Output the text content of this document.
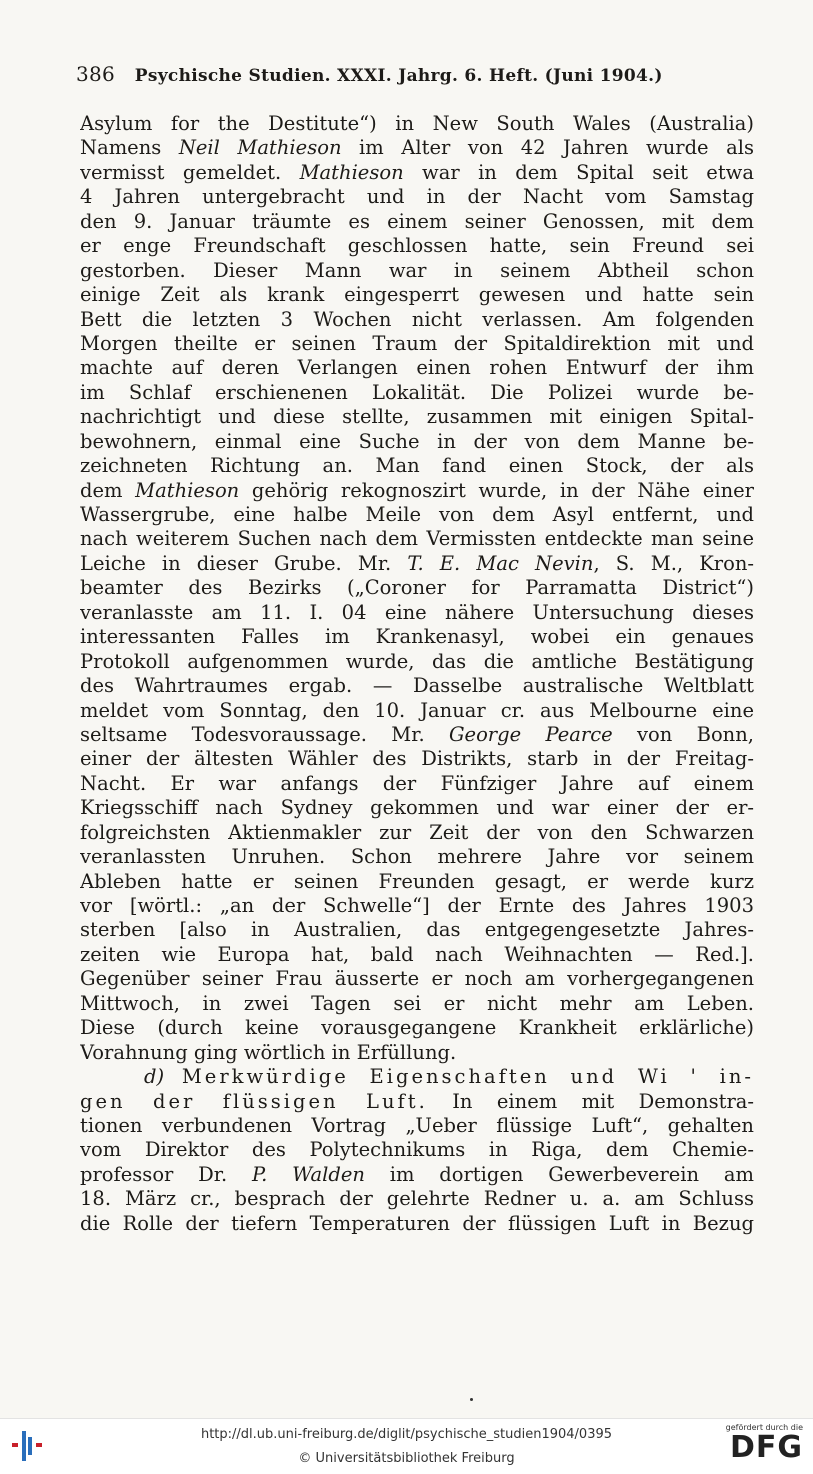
386 Psychische Studien. XXXI. Jahrg. 6. Heft. (Juni 1904.)
Asylum for the Destitute“) in New South Wales (Australia)
Namens Neil Mathieson im Alter von 42 Jahren wurde als
vermisst gemeldet. Mathieson war in dem Spital seit etwa
4 Jahren untergebracht und in der Nacht vom Samstag
den 9. Januar träumte es einem seiner Genossen, mit dem
er enge Freundschaft geschlossen hatte, sein Freund sei
gestorben. Dieser Mann war in seinem Abtheil schon
einige Zeit als krank eingesperrt gewesen und hatte sein
Bett die letzten 3 Wochen nicht verlassen. Am folgenden
Morgen theilte er seinen Traum der Spitaldirektion mit und
machte auf deren Verlangen einen rohen Entwurf der ihm
im Schlaf erschienenen Lokalität. Die Polizei wurde be-
nachrichtigt und diese stellte, zusammen mit einigen Spital-
bewohnern, einmal eine Suche in der von dem Manne be-
zeichneten Richtung an. Man fand einen Stock, der als
dem Mathieson gehörig rekognoszirt wurde, in der Nähe einer
Wassergrube, eine halbe Meile von dem Asyl entfernt, und
nach weiterem Suchen nach dem Vermissten entdeckte man seine
Leiche in dieser Grube. Mr. T. E. Mac Nevin, S. M., Kron-
beamter des Bezirks („Coroner for Parramatta District“)
veranlasste am 11. I. 04 eine nähere Untersuchung dieses
interessanten Falles im Krankenasyl, wobei ein genaues
Protokoll aufgenommen wurde, das die amtliche Bestätigung
des Wahrtraumes ergab. — Dasselbe australische Weltblatt
meldet vom Sonntag, den 10. Januar cr. aus Melbourne eine
seltsame Todesvoraussage. Mr. George Pearce von Bonn,
einer der ältesten Wähler des Distrikts, starb in der Freitag-
Nacht. Er war anfangs der Fünfziger Jahre auf einem
Kriegsschiff nach Sydney gekommen und war einer der er-
folgreichsten Aktienmakler zur Zeit der von den Schwarzen
veranlassten Unruhen. Schon mehrere Jahre vor seinem
Ableben hatte er seinen Freunden gesagt, er werde kurz
vor [wörtl.: „an der Schwelle“] der Ernte des Jahres 1903
sterben [also in Australien, das entgegengesetzte Jahres-
zeiten wie Europa hat, bald nach Weihnachten — Red.].
Gegenüber seiner Frau äusserte er noch am vorhergegangenen
Mittwoch, in zwei Tagen sei er nicht mehr am Leben.
Diese (durch keine vorausgegangene Krankheit erklärliche)
Vorahnung ging wörtlich in Erfüllung.
d) Merkwürdige Eigenschaften und Wi ' in-
gen der flüssigen Luft. In einem mit Demonstra-
tionen verbundenen Vortrag „Ueber flüssige Luft“, gehalten
vom Direktor des Polytechnikums in Riga, dem Chemie-
professor Dr. P. Walden im dortigen Gewerbeverein am
18. März cr., besprach der gelehrte Redner u. a. am Schluss
die Rolle der tiefern Temperaturen der flüssigen Luft in Bezug
http://dl.ub.uni-freiburg.de/diglit/psychische_studien1904/0395
© Universitätsbibliothek Freiburg
gefördert durch die
DFG
